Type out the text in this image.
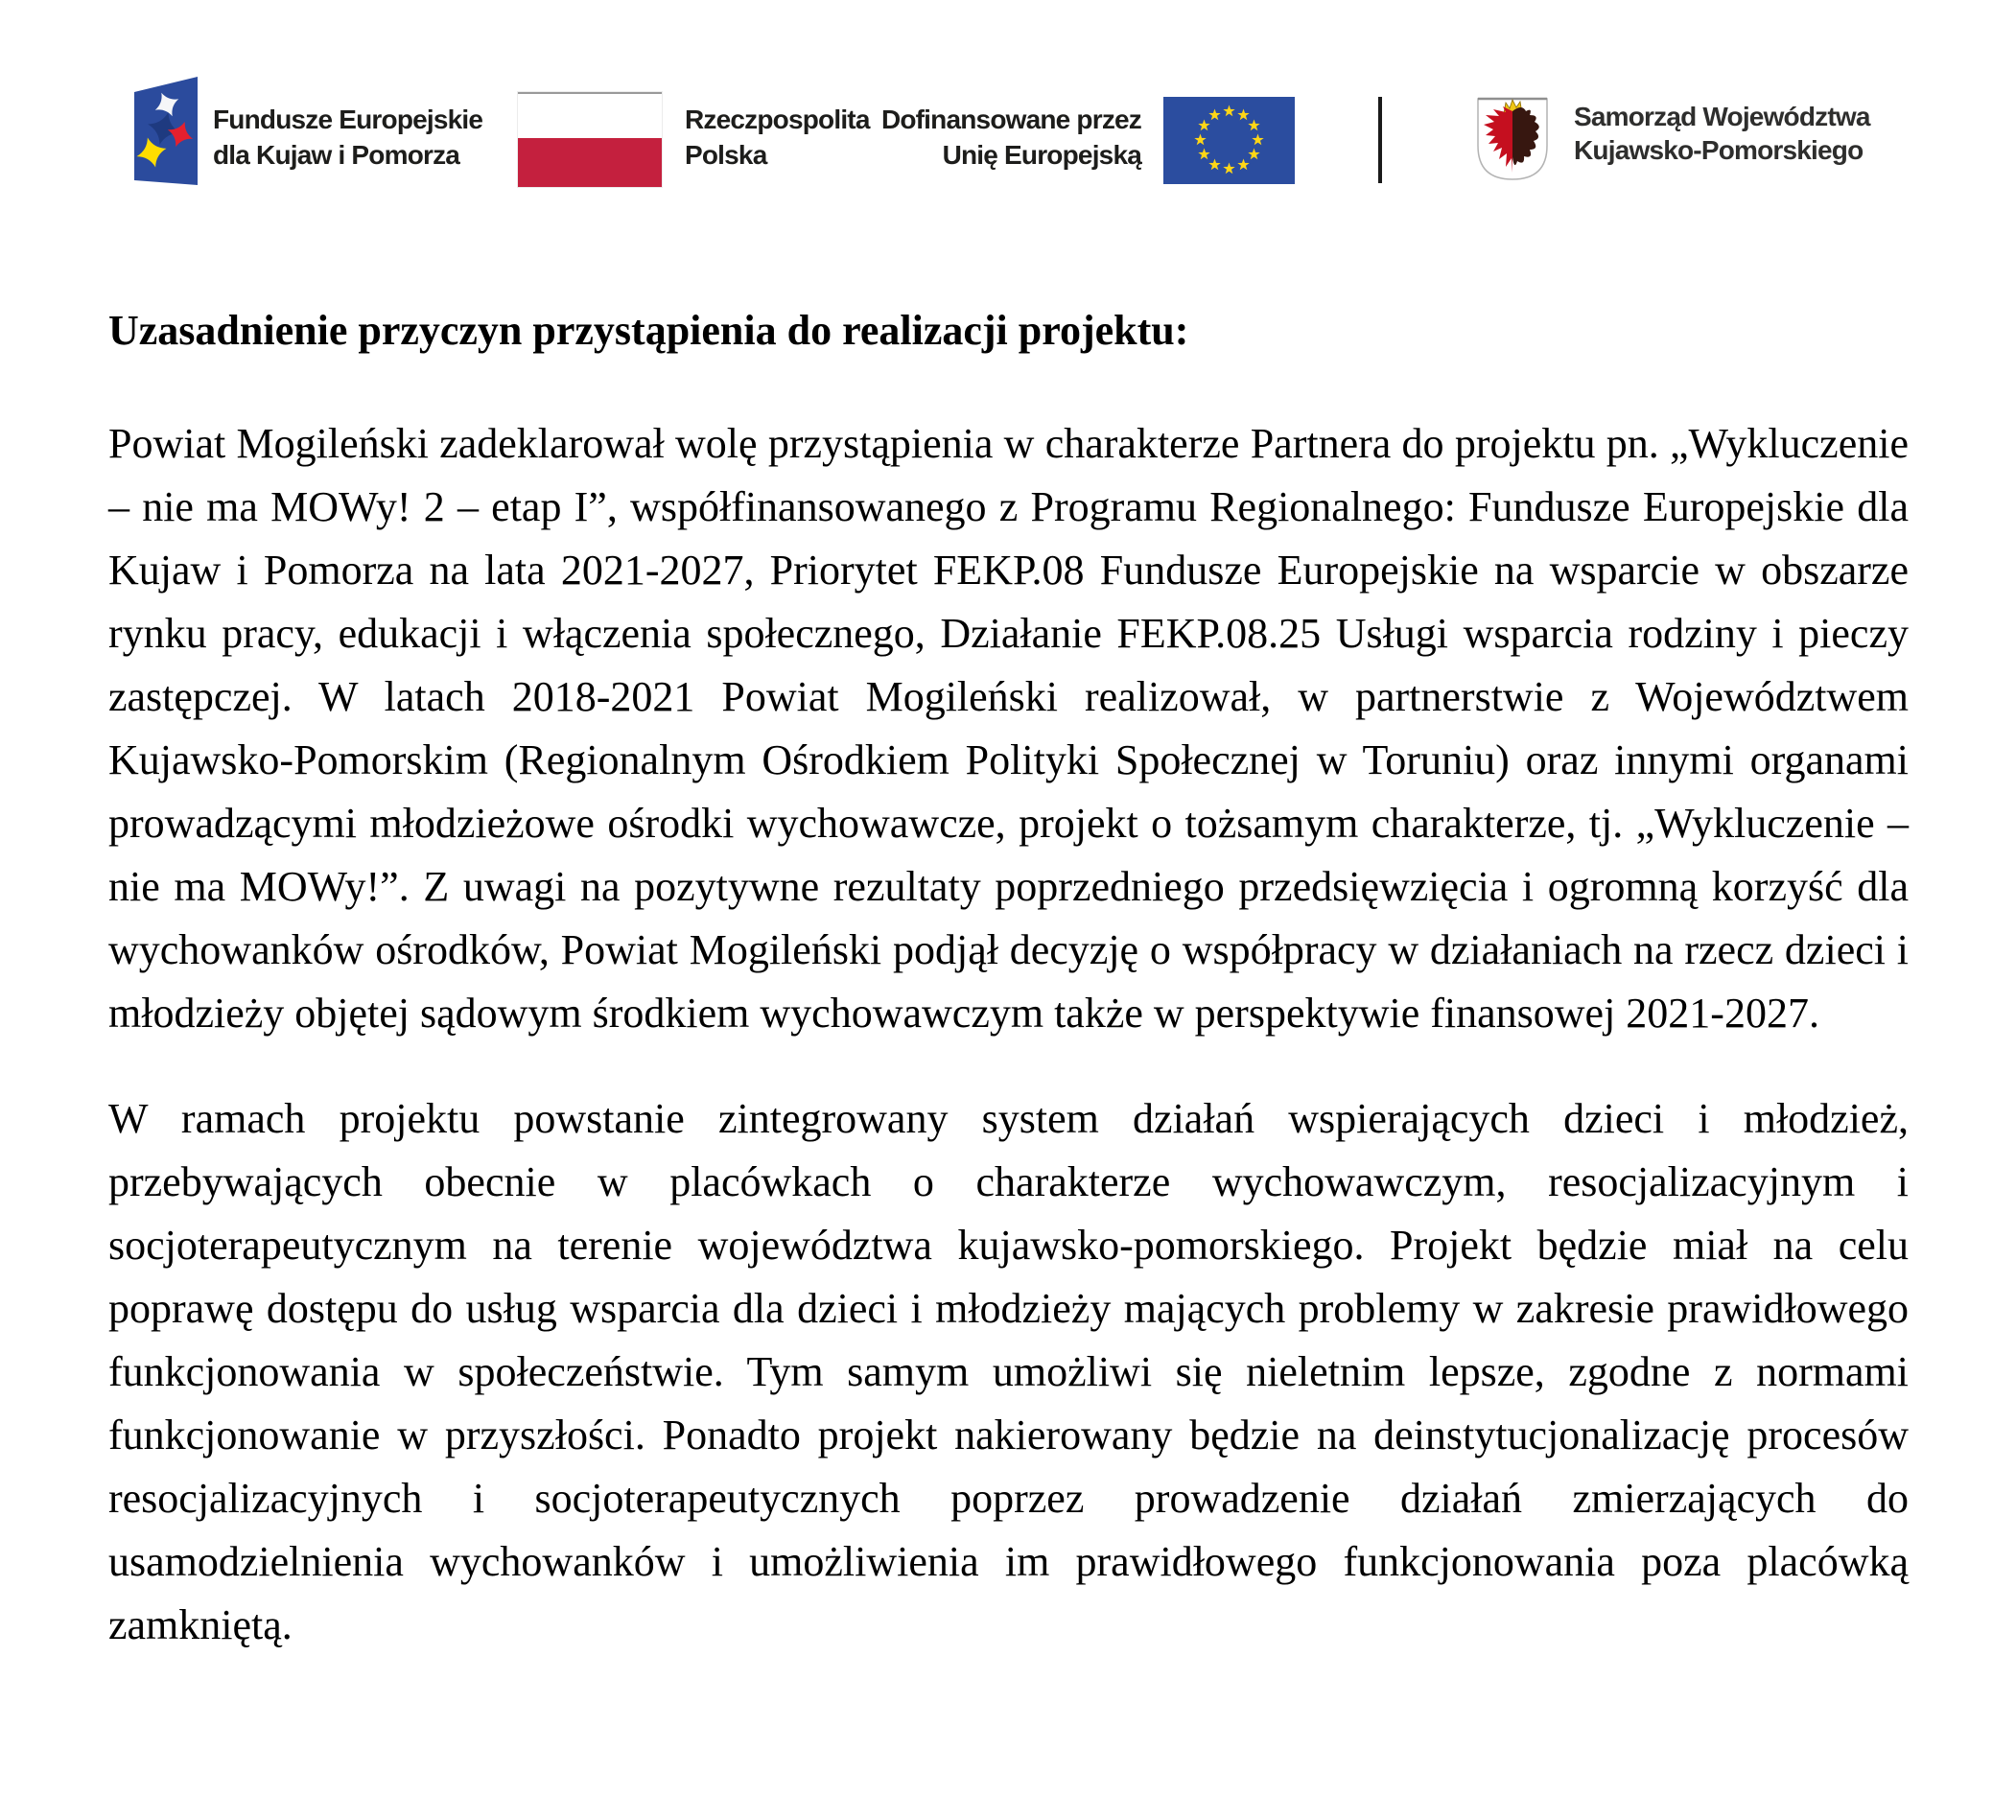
Fundusze Europejskie
dla Kujaw i Pomorza
Rzeczpospolita
Polska
Dofinansowane przez
Unię Europejską
Samorząd Województwa
Kujawsko-Pomorskiego
Uzasadnienie przyczyn przystąpienia do realizacji projektu:

Powiat Mogileński zadeklarował wolę przystąpienia w charakterze Partnera do projektu pn. „Wykluczenie – nie ma MOWy! 2 – etap I”, współfinansowanego z Programu Regionalnego: Fundusze Europejskie dla Kujaw i Pomorza na lata 2021-2027, Priorytet FEKP.08 Fundusze Europejskie na wsparcie w obszarze rynku pracy, edukacji i włączenia społecznego, Działanie FEKP.08.25 Usługi wsparcia rodziny i pieczy zastępczej. W latach 2018-2021 Powiat Mogileński realizował, w partnerstwie z Województwem Kujawsko-Pomorskim (Regionalnym Ośrodkiem Polityki Społecznej w Toruniu) oraz innymi organami prowadzącymi młodzieżowe ośrodki wychowawcze, projekt o tożsamym charakterze, tj. „Wykluczenie – nie ma MOWy!”. Z uwagi na pozytywne rezultaty poprzedniego przedsięwzięcia i ogromną korzyść dla wychowanków ośrodków, Powiat Mogileński podjął decyzję o współpracy w działaniach na rzecz dzieci i młodzieży objętej sądowym środkiem wychowawczym także w perspektywie finansowej 2021-2027.

W ramach projektu powstanie zintegrowany system działań wspierających dzieci i młodzież, przebywających obecnie w placówkach o charakterze wychowawczym, resocjalizacyjnym i socjoterapeutycznym na terenie województwa kujawsko-pomorskiego. Projekt będzie miał na celu poprawę dostępu do usług wsparcia dla dzieci i młodzieży mających problemy w zakresie prawidłowego funkcjonowania w społeczeństwie. Tym samym umożliwi się nieletnim lepsze, zgodne z normami funkcjonowanie w przyszłości. Ponadto projekt nakierowany będzie na deinstytucjonalizację procesów resocjalizacyjnych i socjoterapeutycznych poprzez prowadzenie działań zmierzających do usamodzielnienia wychowanków i umożliwienia im prawidłowego funkcjonowania poza placówką zamkniętą.
